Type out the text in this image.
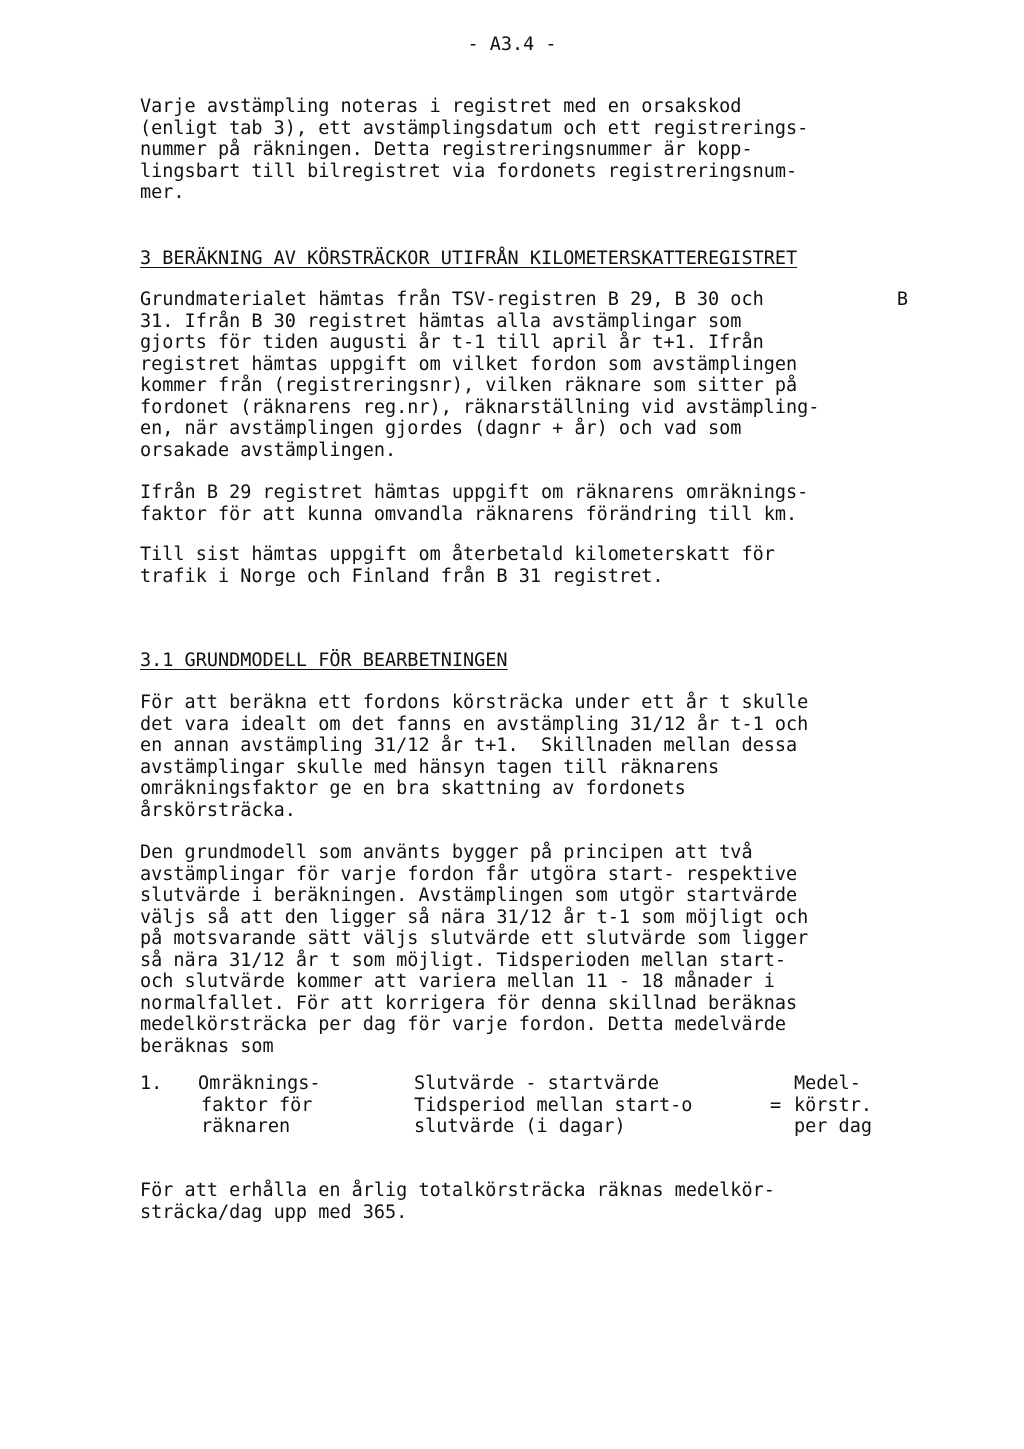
- A3.4 -
Varje avstämpling noteras i registret med en orsakskod
(enligt tab 3), ett avstämplingsdatum och ett registrerings-
nummer på räkningen. Detta registreringsnummer är kopp-
lingsbart till bilregistret via fordonets registreringsnum-
mer.
3 BERÄKNING AV KÖRSTRÄCKOR UTIFRÅN KILOMETERSKATTEREGISTRET
Grundmaterialet hämtas från TSV-registren B 29, B 30 och	B
31. Ifrån B 30 registret hämtas alla avstämplingar som
gjorts för tiden augusti år t-1 till april år t+1. Ifrån
registret hämtas uppgift om vilket fordon som avstämplingen
kommer från (registreringsnr), vilken räknare som sitter på
fordonet (räknarens reg.nr), räknarställning vid avstämpling-
en, när avstämplingen gjordes (dagnr + år) och vad som
orsakade avstämplingen.
Ifrån B 29 registret hämtas uppgift om räknarens omräknings-
faktor för att kunna omvandla räknarens förändring till km.
Till sist hämtas uppgift om återbetald kilometerskatt för
trafik i Norge och Finland från B 31 registret.
3.1 GRUNDMODELL FÖR BEARBETNINGEN
För att beräkna ett fordons körsträcka under ett år t skulle
det vara idealt om det fanns en avstämpling 31/12 år t-1 och
en annan avstämpling 31/12 år t+1.  Skillnaden mellan dessa
avstämplingar skulle med hänsyn tagen till räknarens
omräkningsfaktor ge en bra skattning av fordonets
årskörsträcka.
Den grundmodell som använts bygger på principen att två
avstämplingar för varje fordon får utgöra start- respektive
slutvärde i beräkningen. Avstämplingen som utgör startvärde
väljs så att den ligger så nära 31/12 år t-1 som möjligt och
på motsvarande sätt väljs slutvärde ett slutvärde som ligger
så nära 31/12 år t som möjligt. Tidsperioden mellan start-
och slutvärde kommer att variera mellan 11 - 18 månader i
normalfallet. För att korrigera för denna skillnad beräknas
medelkörsträcka per dag för varje fordon. Detta medelvärde
beräknas som
1. Omräknings-
faktor för
räknaren
Slutvärde - startvärde
Tidsperiod mellan start-o
slutvärde (i dagar)
=
Medel-
körstr.
per dag
För att erhålla en årlig totalkörsträcka räknas medelkör-
sträcka/dag upp med 365.
